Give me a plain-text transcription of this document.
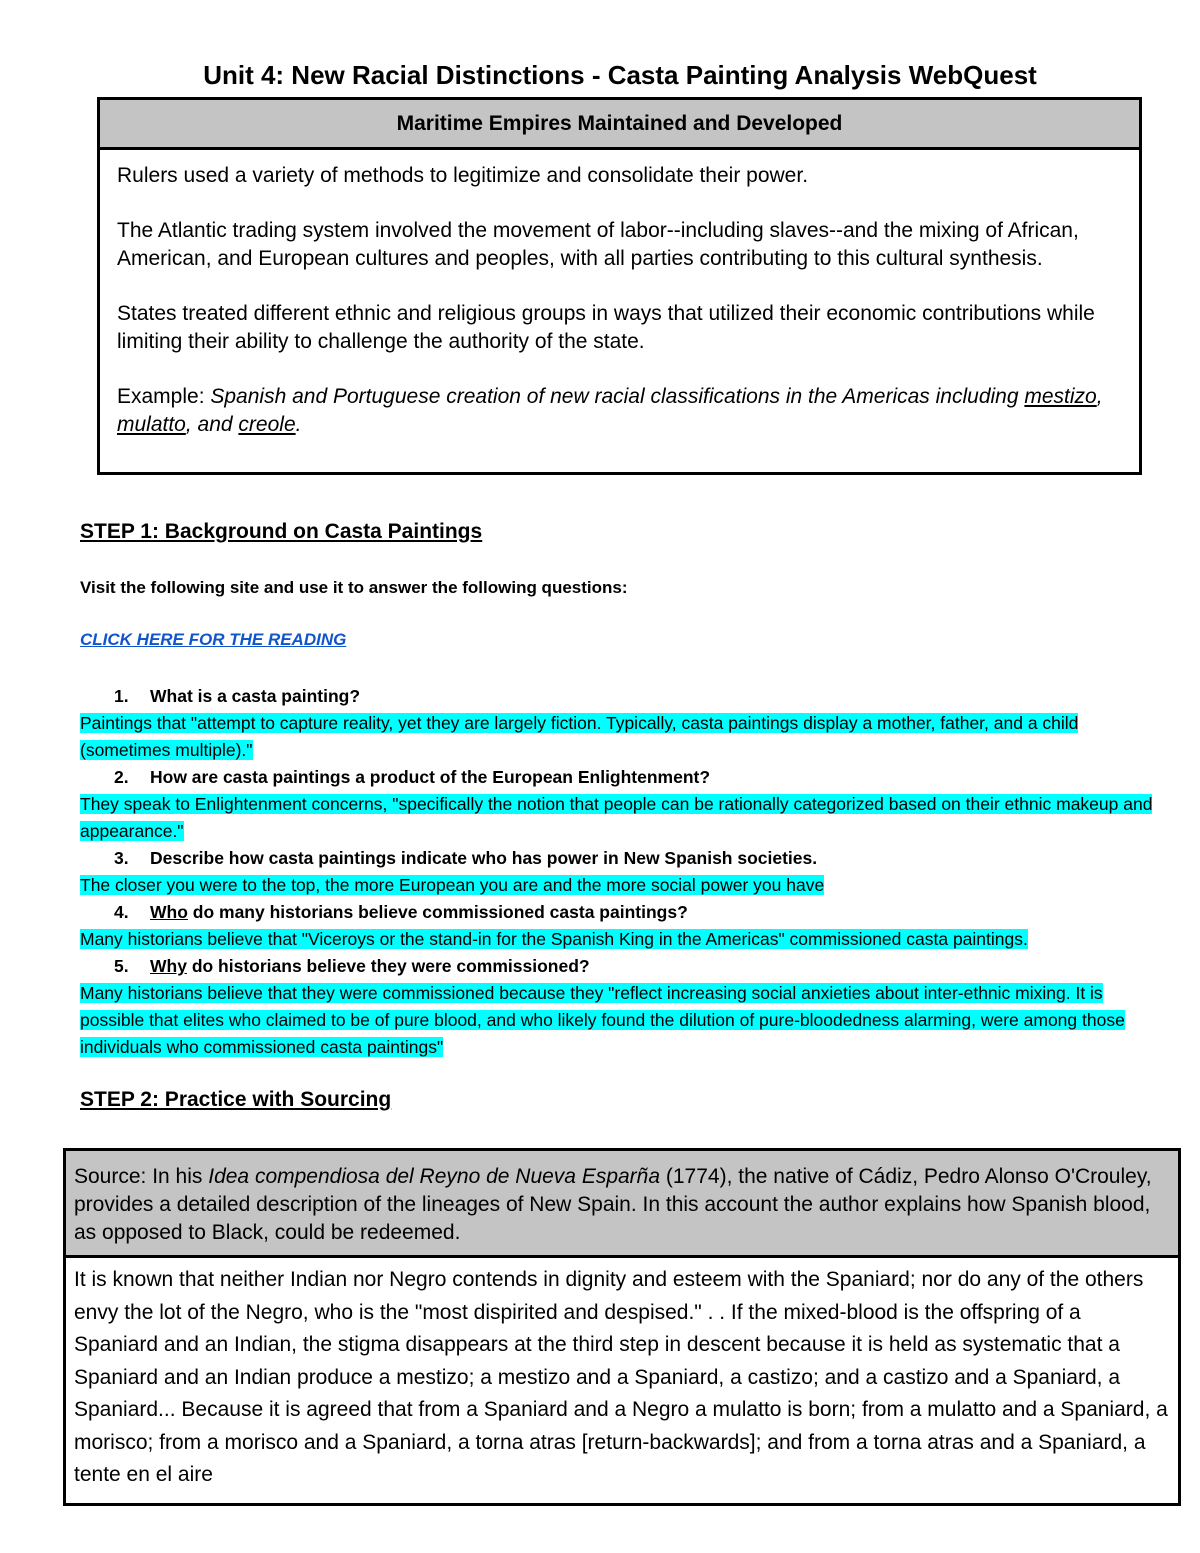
Unit 4: New Racial Distinctions - Casta Painting Analysis WebQuest
Maritime Empires Maintained and Developed

Rulers used a variety of methods to legitimize and consolidate their power.

The Atlantic trading system involved the movement of labor--including slaves--and the mixing of African, American, and European cultures and peoples, with all parties contributing to this cultural synthesis.

States treated different ethnic and religious groups in ways that utilized their economic contributions while limiting their ability to challenge the authority of the state.

Example: Spanish and Portuguese creation of new racial classifications in the Americas including mestizo, mulatto, and creole.

STEP 1: Background on Casta Paintings
Visit the following site and use it to answer the following questions:
CLICK HERE FOR THE READING
1. What is a casta painting?
Paintings that "attempt to capture reality, yet they are largely fiction. Typically, casta paintings display a mother, father, and a child (sometimes multiple)."
2. How are casta paintings a product of the European Enlightenment?
They speak to Enlightenment concerns, "specifically the notion that people can be rationally categorized based on their ethnic makeup and appearance."
3. Describe how casta paintings indicate who has power in New Spanish societies.
The closer you were to the top, the more European you are and the more social power you have
4. Who do many historians believe commissioned casta paintings?
Many historians believe that "Viceroys or the stand-in for the Spanish King in the Americas" commissioned casta paintings.
5. Why do historians believe they were commissioned?
Many historians believe that they were commissioned because they "reflect increasing social anxieties about inter-ethnic mixing. It is possible that elites who claimed to be of pure blood, and who likely found the dilution of pure-bloodedness alarming, were among those individuals who commissioned casta paintings"
STEP 2: Practice with Sourcing
Source: In his Idea compendiosa del Reyno de Nueva Esparña (1774), the native of Cádiz, Pedro Alonso O'Crouley, provides a detailed description of the lineages of New Spain. In this account the author explains how Spanish blood, as opposed to Black, could be redeemed.
It is known that neither Indian nor Negro contends in dignity and esteem with the Spaniard; nor do any of the others envy the lot of the Negro, who is the "most dispirited and despised." . . If the mixed-blood is the offspring of a Spaniard and an Indian, the stigma disappears at the third step in descent because it is held as systematic that a Spaniard and an Indian produce a mestizo; a mestizo and a Spaniard, a castizo; and a castizo and a Spaniard, a Spaniard... Because it is agreed that from a Spaniard and a Negro a mulatto is born; from a mulatto and a Spaniard, a morisco; from a morisco and a Spaniard, a torna atras [return-backwards]; and from a torna atras and a Spaniard, a tente en el aire
